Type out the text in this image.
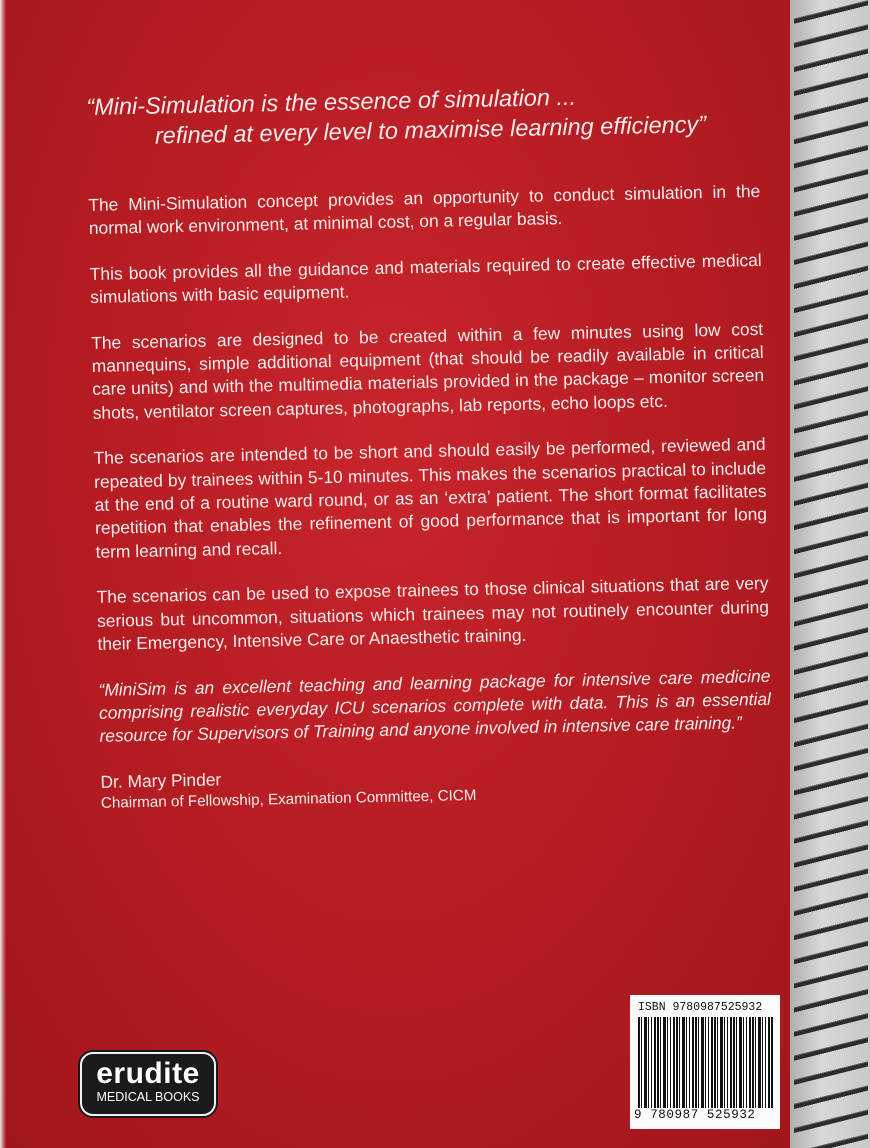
“Mini-Simulation is the essence of simulation ...
refined at every level to maximise learning efficiency”

The Mini-Simulation concept provides an opportunity to conduct simulation in the normal work environment, at minimal cost, on a regular basis.

This book provides all the guidance and materials required to create effective medical simulations with basic equipment.

The scenarios are designed to be created within a few minutes using low cost mannequins, simple additional equipment (that should be readily available in critical care units) and with the multimedia materials provided in the package – monitor screen shots, ventilator screen captures, photographs, lab reports, echo loops etc.

The scenarios are intended to be short and should easily be performed, reviewed and repeated by trainees within 5-10 minutes. This makes the scenarios practical to include at the end of a routine ward round, or as an ‘extra’ patient. The short format facilitates repetition that enables the refinement of good performance that is important for long term learning and recall.

The scenarios can be used to expose trainees to those clinical situations that are very serious but uncommon, situations which trainees may not routinely encounter during their Emergency, Intensive Care or Anaesthetic training.

“MiniSim is an excellent teaching and learning package for intensive care medicine comprising realistic everyday ICU scenarios complete with data. This is an essential resource for Supervisors of Training and anyone involved in intensive care training.”

Dr. Mary Pinder

Chairman of Fellowship, Examination Committee, CICM

erudite
MEDICAL BOOKS
ISBN 9780987525932
9 780987 525932
